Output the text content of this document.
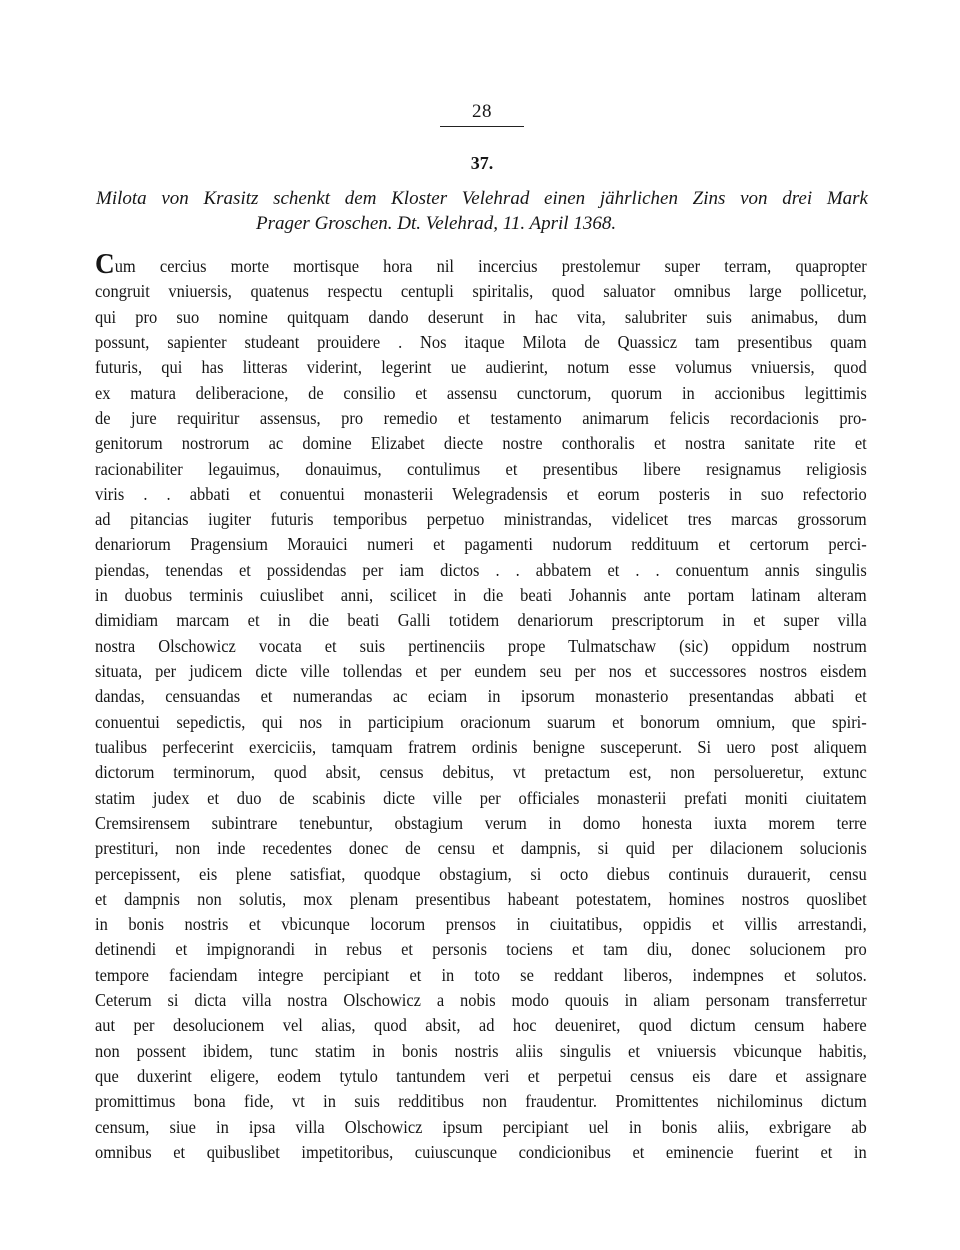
28
37.

Milota von Krasitz schenkt dem Kloster Velehrad einen jährlichen Zins von drei Mark
Prager Groschen. Dt. Velehrad, 11. April 1368.

Cum cercius morte mortisque hora nil incercius prestolemur super terram, quapropter
congruit vniuersis, quatenus respectu centupli spiritalis, quod saluator omnibus large pollicetur,
qui pro suo nomine quitquam dando deserunt in hac vita, salubriter suis animabus, dum
possunt, sapienter studeant prouidere . Nos itaque Milota de Quassicz tam presentibus quam
futuris, qui has litteras viderint, legerint ue audierint, notum esse volumus vniuersis, quod
ex matura deliberacione, de consilio et assensu cunctorum, quorum in accionibus legittimis
de jure requiritur assensus, pro remedio et testamento animarum felicis recordacionis pro-
genitorum nostrorum ac domine Elizabet diecte nostre conthoralis et nostra sanitate rite et
racionabiliter legauimus, donauimus, contulimus et presentibus libere resignamus religiosis
viris . . abbati et conuentui monasterii Welegradensis et eorum posteris in suo refectorio
ad pitancias iugiter futuris temporibus perpetuo ministrandas, videlicet tres marcas grossorum
denariorum Pragensium Morauici numeri et pagamenti nudorum reddituum et certorum perci-
piendas, tenendas et possidendas per iam dictos . . abbatem et . . conuentum annis singulis
in duobus terminis cuiuslibet anni, scilicet in die beati Johannis ante portam latinam alteram
dimidiam marcam et in die beati Galli totidem denariorum prescriptorum in et super villa
nostra Olschowicz vocata et suis pertinenciis prope Tulmatschaw (sic) oppidum nostrum
situata, per judicem dicte ville tollendas et per eundem seu per nos et successores nostros eisdem
dandas, censuandas et numerandas ac eciam in ipsorum monasterio presentandas abbati et
conuentui sepedictis, qui nos in participium oracionum suarum et bonorum omnium, que spiri-
tualibus perfecerint exerciciis, tamquam fratrem ordinis benigne susceperunt. Si uero post aliquem
dictorum terminorum, quod absit, census debitus, vt pretactum est, non persolueretur, extunc
statim judex et duo de scabinis dicte ville per officiales monasterii prefati moniti ciuitatem
Cremsirensem subintrare tenebuntur, obstagium verum in domo honesta iuxta morem terre
prestituri, non inde recedentes donec de censu et dampnis, si quid per dilacionem solucionis
percepissent, eis plene satisfiat, quodque obstagium, si octo diebus continuis durauerit, censu
et dampnis non solutis, mox plenam presentibus habeant potestatem, homines nostros quoslibet
in bonis nostris et vbicunque locorum prensos in ciuitatibus, oppidis et villis arrestandi,
detinendi et impignorandi in rebus et personis tociens et tam diu, donec solucionem pro
tempore faciendam integre percipiant et in toto se reddant liberos, indempnes et solutos.
Ceterum si dicta villa nostra Olschowicz a nobis modo quouis in aliam personam transferretur
aut per desolucionem vel alias, quod absit, ad hoc deueniret, quod dictum censum habere
non possent ibidem, tunc statim in bonis nostris aliis singulis et vniuersis vbicunque habitis,
que duxerint eligere, eodem tytulo tantundem veri et perpetui census eis dare et assignare
promittimus bona fide, vt in suis redditibus non fraudentur. Promittentes nichilominus dictum
censum, siue in ipsa villa Olschowicz ipsum percipiant uel in bonis aliis, exbrigare ab
omnibus et quibuslibet impetitoribus, cuiuscunque condicionibus et eminencie fuerint et in
